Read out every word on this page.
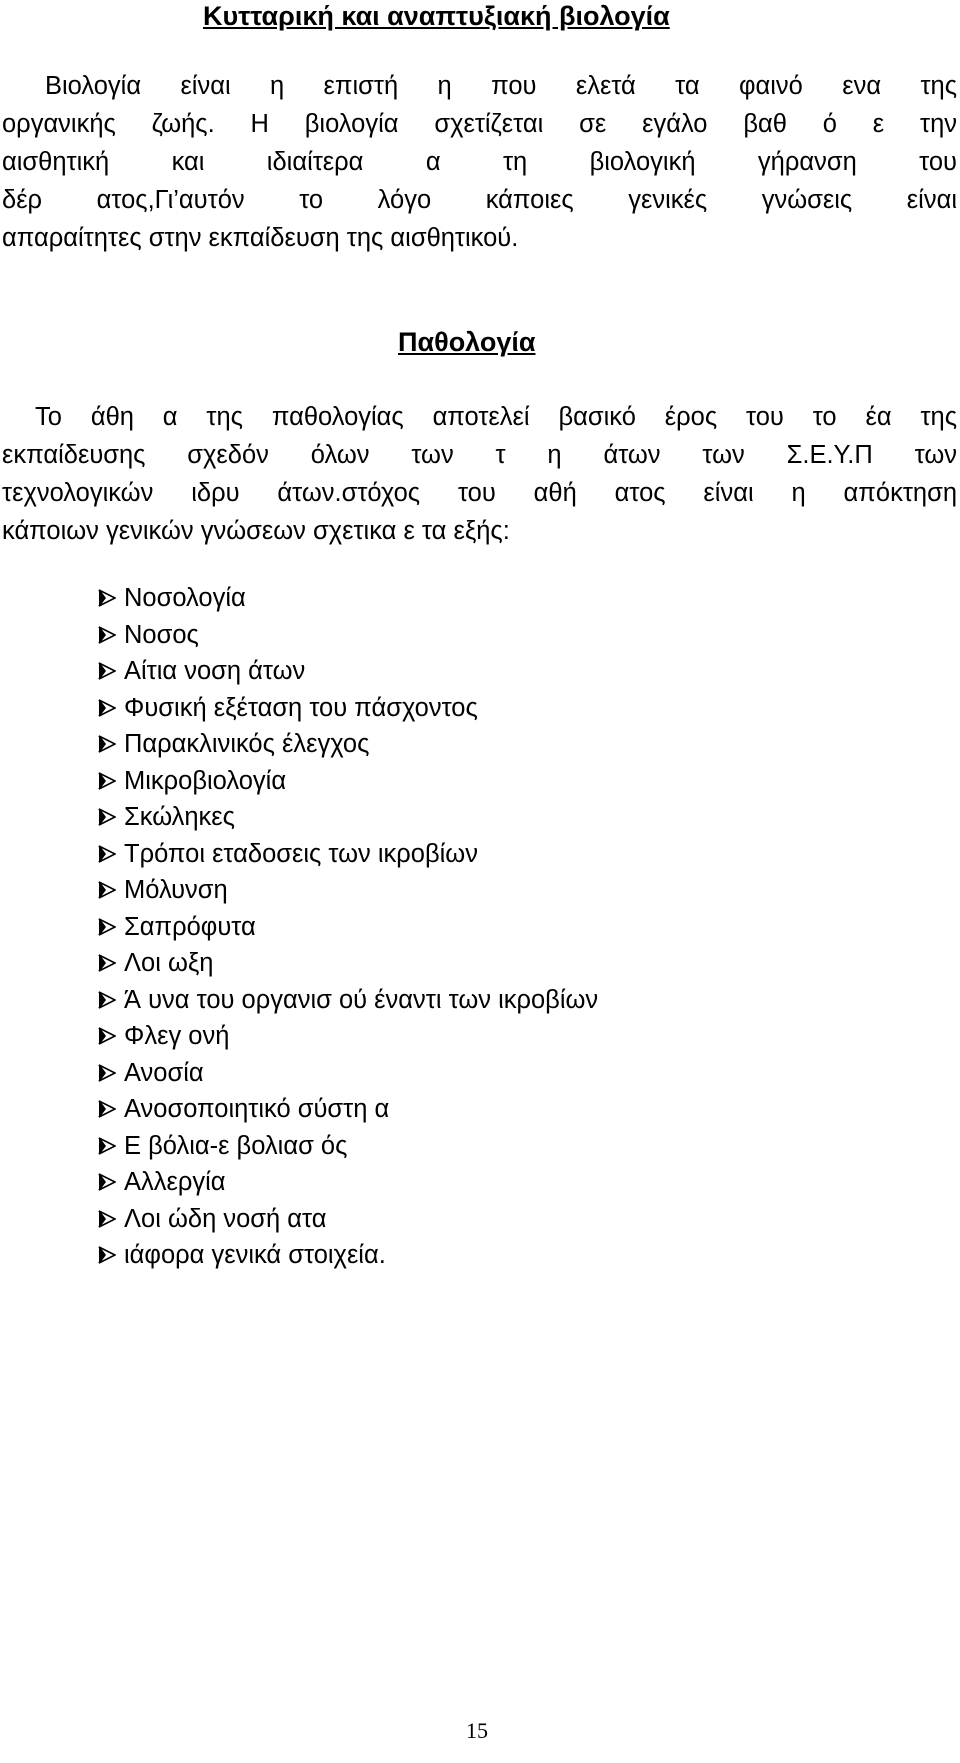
Κυτταρική και αναπτυξιακή βιολογία
Βιολογία είναι η επιστή η που ελετά τα φαινό ενα της
οργανικής ζωής. Η βιολογία σχετίζεται σε εγάλο βαθ ό ε την
αισθητική και ιδιαίτερα α τη βιολογική γήρανση του
δέρ ατος,Γι’αυτόν το λόγο κάποιες γενικές γνώσεις είναι
απαραίτητες στην εκπαίδευση της αισθητικού.
Παθολογία
Το άθη α της παθολογίας αποτελεί βασικό έρος του το έα της
εκπαίδευσης σχεδόν όλων των τ η άτων των Σ.Ε.Υ.Π των
τεχνολογικών ιδρυ άτων.στόχος του αθή ατος είναι η απόκτηση
κάποιων γενικών γνώσεων σχετικα ε τα εξής:
Νοσολογία
Νοσος
Αίτια νοση άτων
Φυσική εξέταση του πάσχοντος
Παρακλινικός έλεγχος
Μικροβιολογία
Σκώληκες
Τρόποι εταδοσεις των ικροβίων
Μόλυνση
Σαπρόφυτα
Λοι ωξη
Ά υνα του οργανισ ού έναντι των ικροβίων
Φλεγ ονή
Ανοσία
Ανοσοποιητικό σύστη α
Ε βόλια-ε βολιασ ός
Αλλεργία
Λοι ώδη νοσή ατα
ιάφορα γενικά στοιχεία.
15
